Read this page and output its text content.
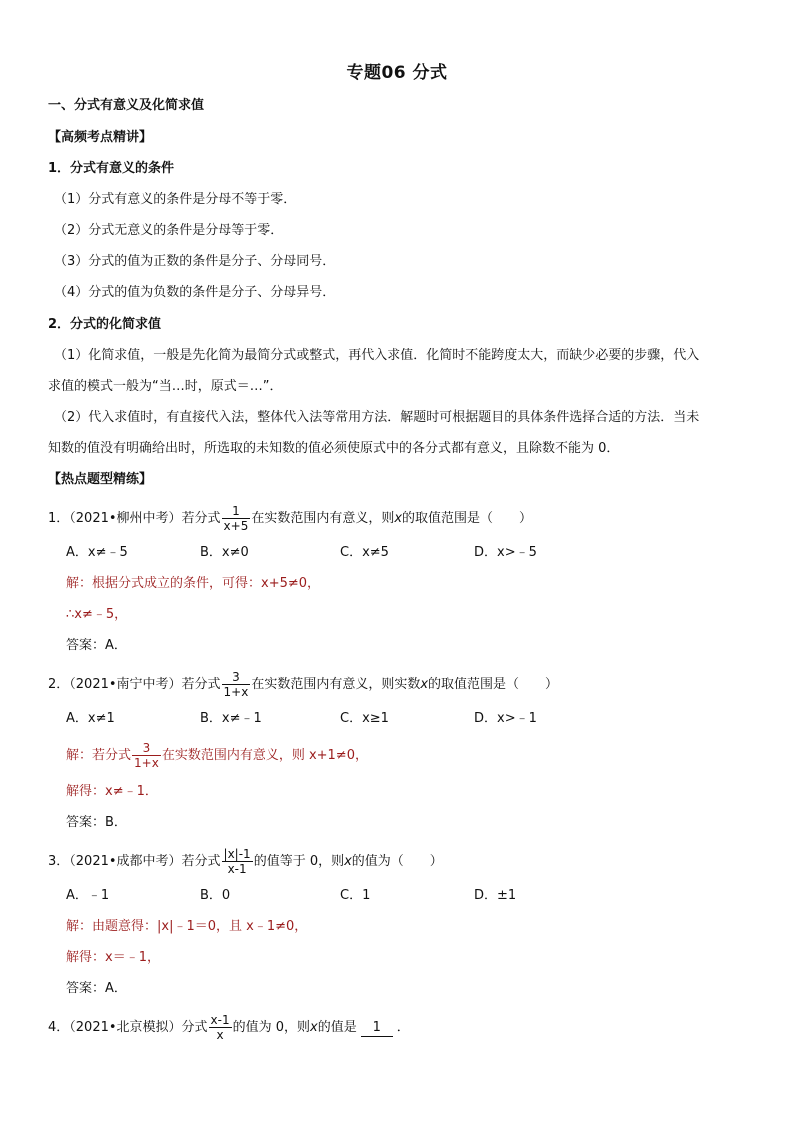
专题06 分式
一、分式有意义及化简求值
【高频考点精讲】
1．分式有意义的条件
（1）分式有意义的条件是分母不等于零．
（2）分式无意义的条件是分母等于零．
（3）分式的值为正数的条件是分子、分母同号．
（4）分式的值为负数的条件是分子、分母异号．
2．分式的化简求值
（1）化简求值，一般是先化简为最简分式或整式，再代入求值．化简时不能跨度太大，而缺少必要的步骤，代入
求值的模式一般为“当…时，原式＝…”．
（2）代入求值时，有直接代入法，整体代入法等常用方法．解题时可根据题目的具体条件选择合适的方法．当未
知数的值没有明确给出时，所选取的未知数的值必须使原式中的各分式都有意义，且除数不能为 0．
【热点题型精练】
1．（2021•柳州中考）若分式 $\frac{1}{x+5}$ 在实数范围内有意义，则x的取值范围是（　　）
A．x≠﹣5	B．x≠0	C．x≠5	D．x>﹣5
解：根据分式成立的条件，可得：x+5≠0，
∴x≠﹣5，
答案：A．
2．（2021•南宁中考）若分式 $\frac{3}{1+x}$ 在实数范围内有意义，则实数x的取值范围是（　　）
A．x≠1	B．x≠﹣1	C．x≥1	D．x>﹣1
解：若分式 $\frac{3}{1+x}$ 在实数范围内有意义，则 x+1≠0，
解得：x≠﹣1．
答案：B．
3．（2021•成都中考）若分式 $\frac{|x|-1}{x-1}$ 的值等于 0，则x的值为（　　）
A．﹣1	B．0	C．1	D．±1
解：由题意得：|x|﹣1＝0，且 x﹣1≠0，
解得：x＝﹣1，
答案：A．
4．（2021•北京模拟）分式 $\frac{x-1}{x}$ 的值为 0，则x的值是 1 ．
